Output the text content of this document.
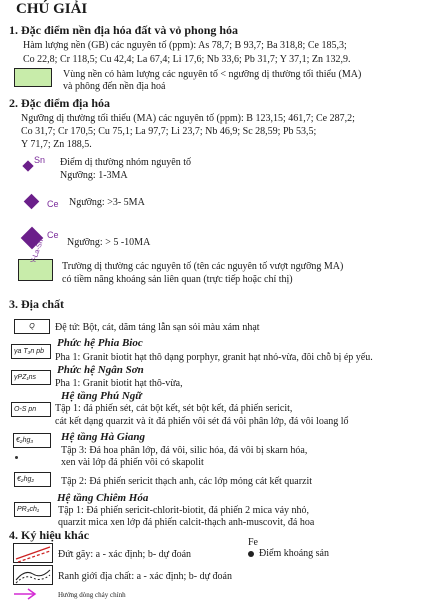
CHÚ GIẢI
1. Đặc điểm nền địa hóa đất và vỏ phong hóa
Hàm lượng nền (GB) các nguyên tố (ppm): As 78,7; B 93,7; Ba 318,8; Ce 185,3;
Co 22,8; Cr 118,5; Cu 42,4; La 67,4; Li 17,6; Nb 33,6; Pb 31,7; Y 37,1; Zn 132,9.
Vùng nền có hàm lượng các nguyên tố < ngưỡng dị thường tối thiểu (MA)
và phông đến nền địa hoá
2. Đặc điểm địa hóa
Ngưỡng dị thường tối thiểu (MA) các nguyên tố (ppm): B 123,15; 461,7; Ce 287,2;
Co 31,7; Cr 170,5; Cu 75,1; La 97,7; Li 23,7; Nb 46,9; Sc 28,59; Pb 53,5;
Y 71,7; Zn 188,5.
Sn Điểm dị thường nhóm nguyên tố
Ngưỡng: 1-3MA
Ce Ngưỡng: >3- 5MA
Ce
Ngưỡng: > 5 -10MA
Y-La-Sn
Trường dị thường các nguyên tố (tên các nguyên tố vượt ngưỡng MA)
có tiềm năng khoáng sản liên quan (trực tiếp hoặc chỉ thị)
3. Địa chất
Q	Đệ tứ: Bột, cát, dăm tảng lẫn sạn sỏi màu xám nhạt
Phức hệ Phia Bioc
γa T₃n pb
Pha 1: Granit biotit hạt thô dạng porphyr, granit hạt nhỏ-vừa, đôi chỗ bị ép yếu.
Phức hệ Ngân Sơn
γPZ₁ns
Pha 1: Granit biotit hạt thô-vừa,
Hệ tầng Phú Ngữ
O-S pn	Tập 1: đá phiến sét, cát bột kết, sét bột kết, đá phiến sericit,
cát kết dạng quarzit và ít đá phiến vôi sét đá vôi phân lớp, đá vôi loang lổ
Hệ tầng Hà Giang
€₂hg₃
Tập 3: Đá hoa phân lớp, đá vôi, silic hóa, đá vôi bị skarn hóa,
xen vài lớp đá phiến vôi có skapolit
€₂hg₂	Tập 2: Đá phiến sericit thạch anh, các lớp mỏng cát kết quarzit
Hệ tầng Chiêm Hóa
PR₃ch₁	Tập 1: Đá phiến sericit-chlorit-biotit, đá phiến 2 mica vảy nhỏ,
quarzit mica xen lớp đá phiến calcit-thạch anh-muscovit, đá hoa
4. Ký hiệu khác
Đứt gãy: a - xác định; b- dự đoán
Fe
Điểm khoáng sản
Ranh giới địa chất: a - xác định; b- dự đoán
Hướng dòng chảy chính
